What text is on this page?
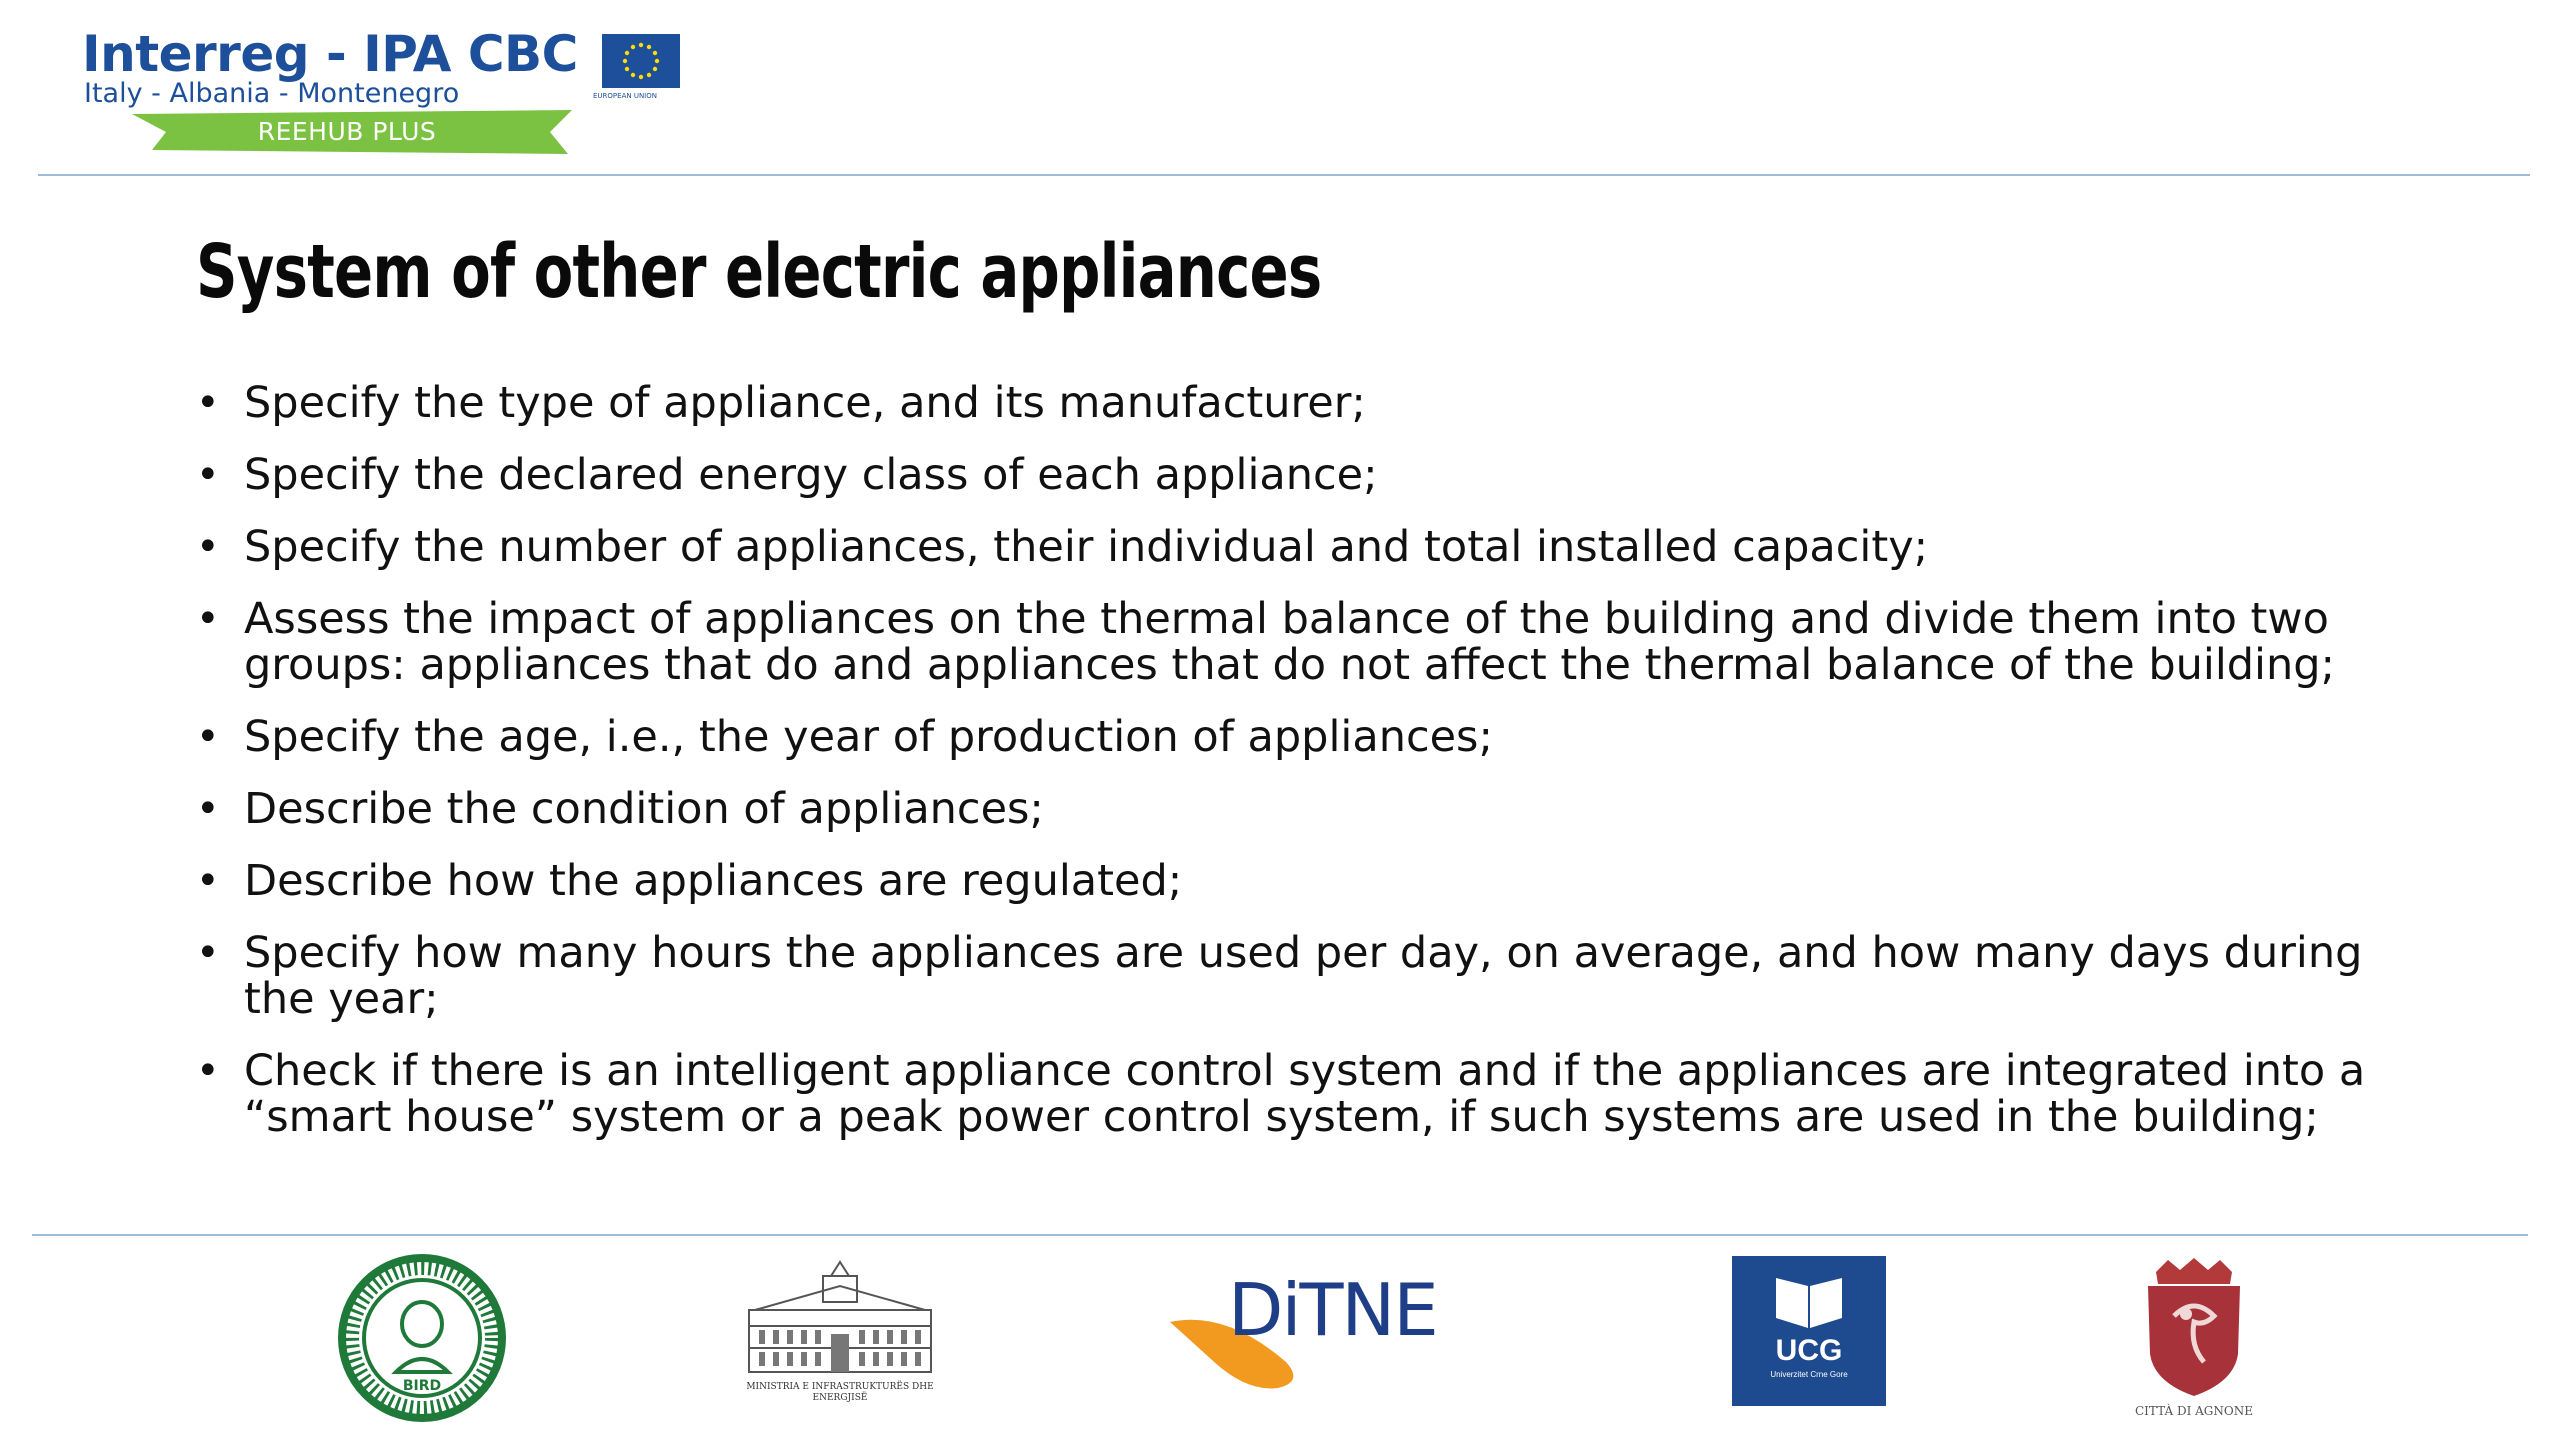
Interreg - IPA CBC
Italy - Albania - Montenegro
REEHUB PLUS
EUROPEAN UNION
System of other electric appliances
• Specify the type of appliance, and its manufacturer;
• Specify the declared energy class of each appliance;
• Specify the number of appliances, their individual and total installed capacity;
• Assess the impact of appliances on the thermal balance of the building and divide them into two groups: appliances that do and appliances that do not affect the thermal balance of the building;
• Specify the age, i.e., the year of production of appliances;
• Describe the condition of appliances;
• Describe how the appliances are regulated;
• Specify how many hours the appliances are used per day, on average, and how many days during the year;
• Check if there is an intelligent appliance control system and if the appliances are integrated into a “smart house” system or a peak power control system, if such systems are used in the building;
BIRD	MINISTRIA E INFRASTRUKTURËS DHE ENERGJISË
DiTNE	UCG
Univerzitet Crne Gore
CITTÀ DI AGNONE
